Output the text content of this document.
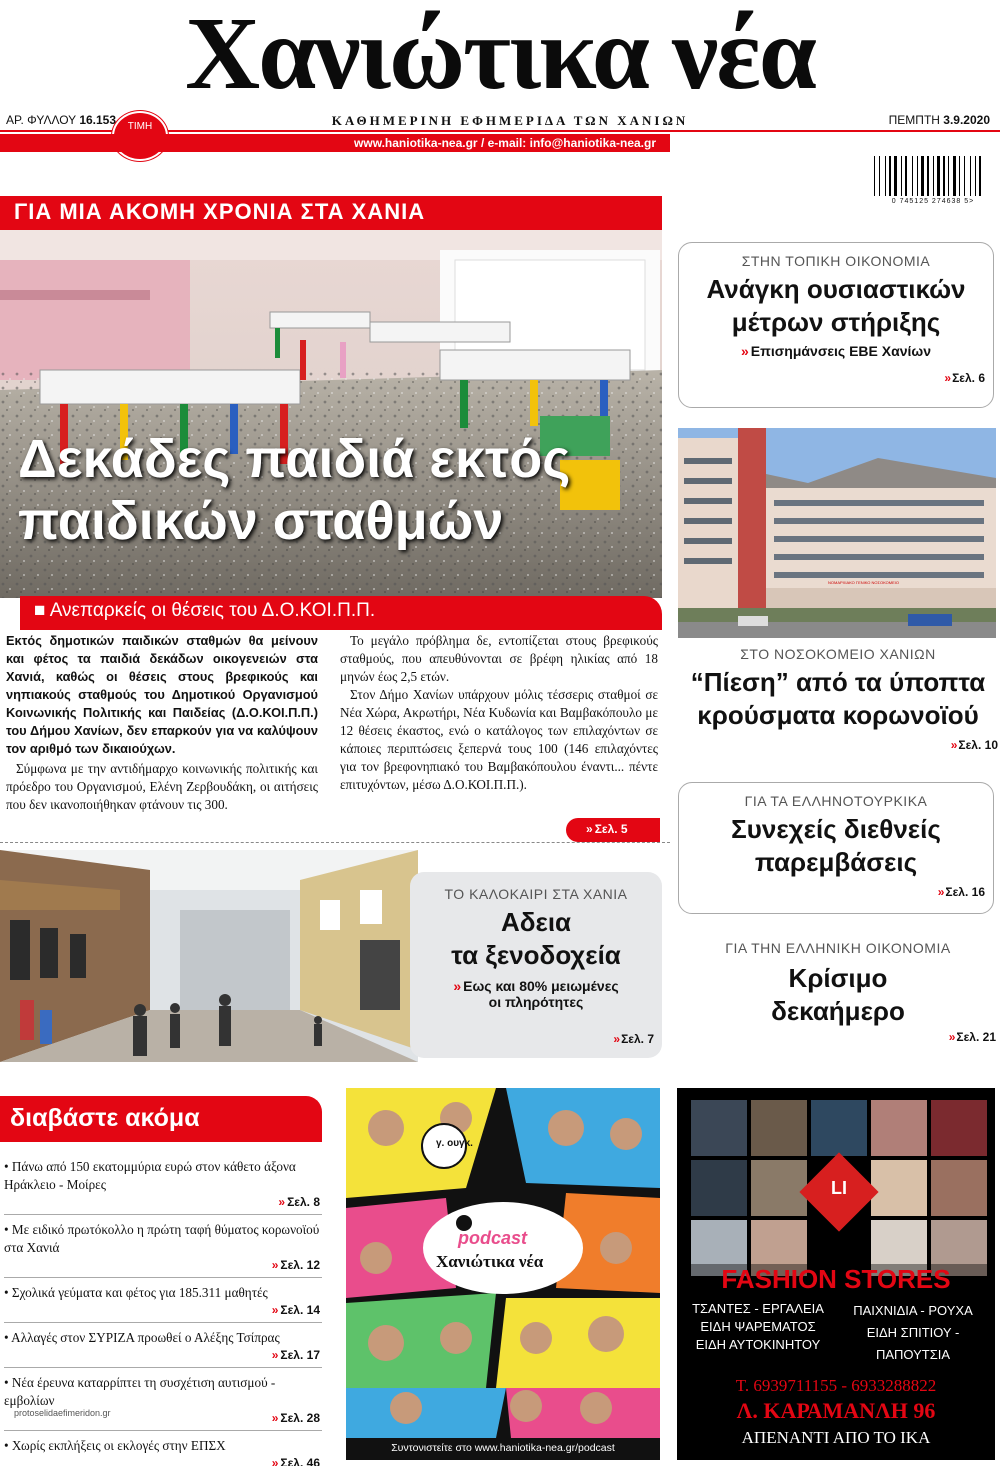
Χανιώτικα νέα
ΑΡ. ΦΥΛΛΟΥ 16.153	ΤΙΜΗ	ΚΑΘΗΜΕΡΙΝΗ ΕΦΗΜΕΡΙΔΑ ΤΩΝ ΧΑΝΙΩΝ	ΠΕΜΠΤΗ 3.9.2020
www.haniotika-nea.gr / e-mail: info@haniotika-nea.gr
0 745125 274638 5>
ΓΙΑ ΜΙΑ ΑΚΟΜΗ ΧΡΟΝΙΑ ΣΤΑ ΧΑΝΙΑ
Δεκάδες παιδιά εκτός
παιδικών σταθμών
■ Ανεπαρκείς οι θέσεις του Δ.Ο.ΚΟΙ.Π.Π.

Εκτός δημοτικών παιδικών σταθμών θα μείνουν και φέτος τα παιδιά δεκάδων οικογενειών στα Χανιά, καθώς οι θέσεις στους βρεφικούς και νηπιακούς σταθμούς του Δημοτικού Οργανισμού Κοινωνικής Πολιτικής και Παιδείας (Δ.Ο.ΚΟΙ.Π.Π.) του Δήμου Χανίων, δεν επαρκούν για να καλύψουν τον αριθμό των δικαιούχων.

Σύμφωνα με την αντιδήμαρχο κοινωνικής πολιτικής και πρόεδρο του Οργανισμού, Ελένη Ζερβουδάκη, οι αιτήσεις που δεν ικανοποιήθηκαν φτάνουν τις 300.

Το μεγάλο πρόβλημα δε, εντοπίζεται στους βρεφικούς σταθμούς, που απευθύνονται σε βρέφη ηλικίας από 18 μηνών έως 2,5 ετών.

Στον Δήμο Χανίων υπάρχουν μόλις τέσσερις σταθμοί σε Νέα Χώρα, Ακρωτήρι, Νέα Κυδωνία και Βαμβακόπουλο με 12 θέσεις έκαστος, ενώ ο κατάλογος των επιλαχόντων σε κάποιες περιπτώσεις ξεπερνά τους 100 (146 επιλαχόντες για τον βρεφονηπιακό του Βαμβακόπουλου έναντι... πέντε επιτυχόντων, μέσω Δ.Ο.ΚΟΙ.Π.Π.).

» Σελ. 5
ΣΤΗΝ ΤΟΠΙΚΗ ΟΙΚΟΝΟΜΙΑ
Ανάγκη ουσιαστικών
μέτρων στήριξης
» Επισημάνσεις ΕΒΕ Χανίων
» Σελ. 6
ΝΟΜΑΡΧΙΑΚΟ ΓΕΝΙΚΟ ΝΟΣΟΚΟΜΕΙΟ
ΣΤΟ ΝΟΣΟΚΟΜΕΙΟ ΧΑΝΙΩΝ
“Πίεση” από τα ύποπτα
κρούσματα κορωνοϊού
» Σελ. 10
ΓΙΑ ΤΑ ΕΛΛΗΝΟΤΟΥΡΚΙΚΑ
Συνεχείς διεθνείς
παρεμβάσεις
» Σελ. 16
ΓΙΑ ΤΗΝ ΕΛΛΗΝΙΚΗ ΟΙΚΟΝΟΜΙΑ
Κρίσιμο
δεκαήμερο
» Σελ. 21
ΤΟ ΚΑΛΟΚΑΙΡΙ ΣΤΑ ΧΑΝΙΑ
Αδεια
τα ξενοδοχεία
» Εως και 80% μειωμένες
οι πληρότητες
» Σελ. 7
διαβάστε ακόμα
• Πάνω από 150 εκατομμύρια ευρώ στον κάθετο άξονα Ηράκλειο - Μοίρες
» Σελ. 8
• Με ειδικό πρωτόκολλο η πρώτη ταφή θύματος κορωνοϊού στα Χανιά
» Σελ. 12
• Σχολικά γεύματα και φέτος για 185.311 μαθητές
» Σελ. 14
• Αλλαγές στον ΣΥΡΙΖΑ προωθεί ο Αλέξης Τσίπρας
» Σελ. 17
• Νέα έρευνα καταρρίπτει τη συσχέτιση αυτισμού - εμβολίων
» Σελ. 28
• Χωρίς εκπλήξεις οι εκλογές στην ΕΠΣΧ
» Σελ. 46
protoselidaefimeridon.gr
γ. ουγκ.
podcast
Χανιώτικα νέα
Συντονιστείτε στο www.haniotika-nea.gr/podcast
LI
FASHION STORES
ΤΣΑΝΤΕΣ - ΕΡΓΑΛΕΙΑ
ΕΙΔΗ ΨΑΡΕΜΑΤΟΣ
ΕΙΔΗ ΑΥΤΟΚΙΝΗΤΟΥ
ΠΑΙΧΝΙΔΙΑ - ΡΟΥΧΑ
ΕΙΔΗ ΣΠΙΤΙΟΥ - ΠΑΠΟΥΤΣΙΑ
Τ. 6939711155 - 6933288822
Λ. ΚΑΡΑΜΑΝΛΗ 96
ΑΠΕΝΑΝΤΙ ΑΠΟ ΤΟ ΙΚΑ
